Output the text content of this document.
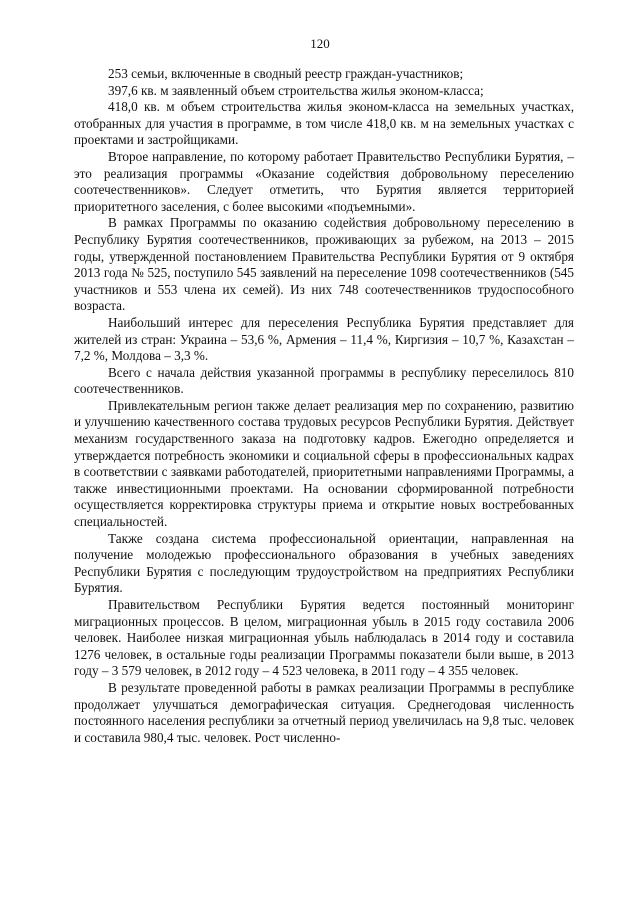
120

253 семьи, включенные в сводный реестр граждан-участников;

397,6 кв. м заявленный объем строительства жилья эконом-класса;

418,0 кв. м объем строительства жилья эконом-класса на земельных участках, отобранных для участия в программе, в том числе 418,0 кв. м на земельных участках с проектами и застройщиками.

Второе направление, по которому работает Правительство Республики Бурятия, – это реализация программы «Оказание содействия добровольному переселению соотечественников». Следует отметить, что Бурятия является территорией приоритетного заселения, с более высокими «подъемными».

В рамках Программы по оказанию содействия добровольному переселению в Республику Бурятия соотечественников, проживающих за рубежом, на 2013 – 2015 годы, утвержденной постановлением Правительства Республики Бурятия от 9 октября 2013 года № 525, поступило 545 заявлений на переселение 1098 соотечественников (545 участников и 553 члена их семей). Из них 748 соотечественников трудоспособного возраста.

Наибольший интерес для переселения Республика Бурятия представляет для жителей из стран: Украина – 53,6 %, Армения – 11,4 %, Киргизия – 10,7 %, Казахстан – 7,2 %, Молдова – 3,3 %.

Всего с начала действия указанной программы в республику переселилось 810 соотечественников.

Привлекательным регион также делает реализация мер по сохранению, развитию и улучшению качественного состава трудовых ресурсов Республики Бурятия. Действует механизм государственного заказа на подготовку кадров. Ежегодно определяется и утверждается потребность экономики и социальной сферы в профессиональных кадрах в соответствии с заявками работодателей, приоритетными направлениями Программы, а также инвестиционными проектами. На основании сформированной потребности осуществляется корректировка структуры приема и открытие новых востребованных специальностей.

Также создана система профессиональной ориентации, направленная на получение молодежью профессионального образования в учебных заведениях Республики Бурятия с последующим трудоустройством на предприятиях Республики Бурятия.

Правительством Республики Бурятия ведется постоянный мониторинг миграционных процессов. В целом, миграционная убыль в 2015 году составила 2006 человек. Наиболее низкая миграционная убыль наблюдалась в 2014 году и составила 1276 человек, в остальные годы реализации Программы показатели были выше, в 2013 году – 3 579 человек, в 2012 году – 4 523 человека, в 2011 году – 4 355 человек.

В результате проведенной работы в рамках реализации Программы в республике продолжает улучшаться демографическая ситуация. Среднегодовая численность постоянного населения республики за отчетный период увеличилась на 9,8 тыс. человек и составила 980,4 тыс. человек. Рост численно-
